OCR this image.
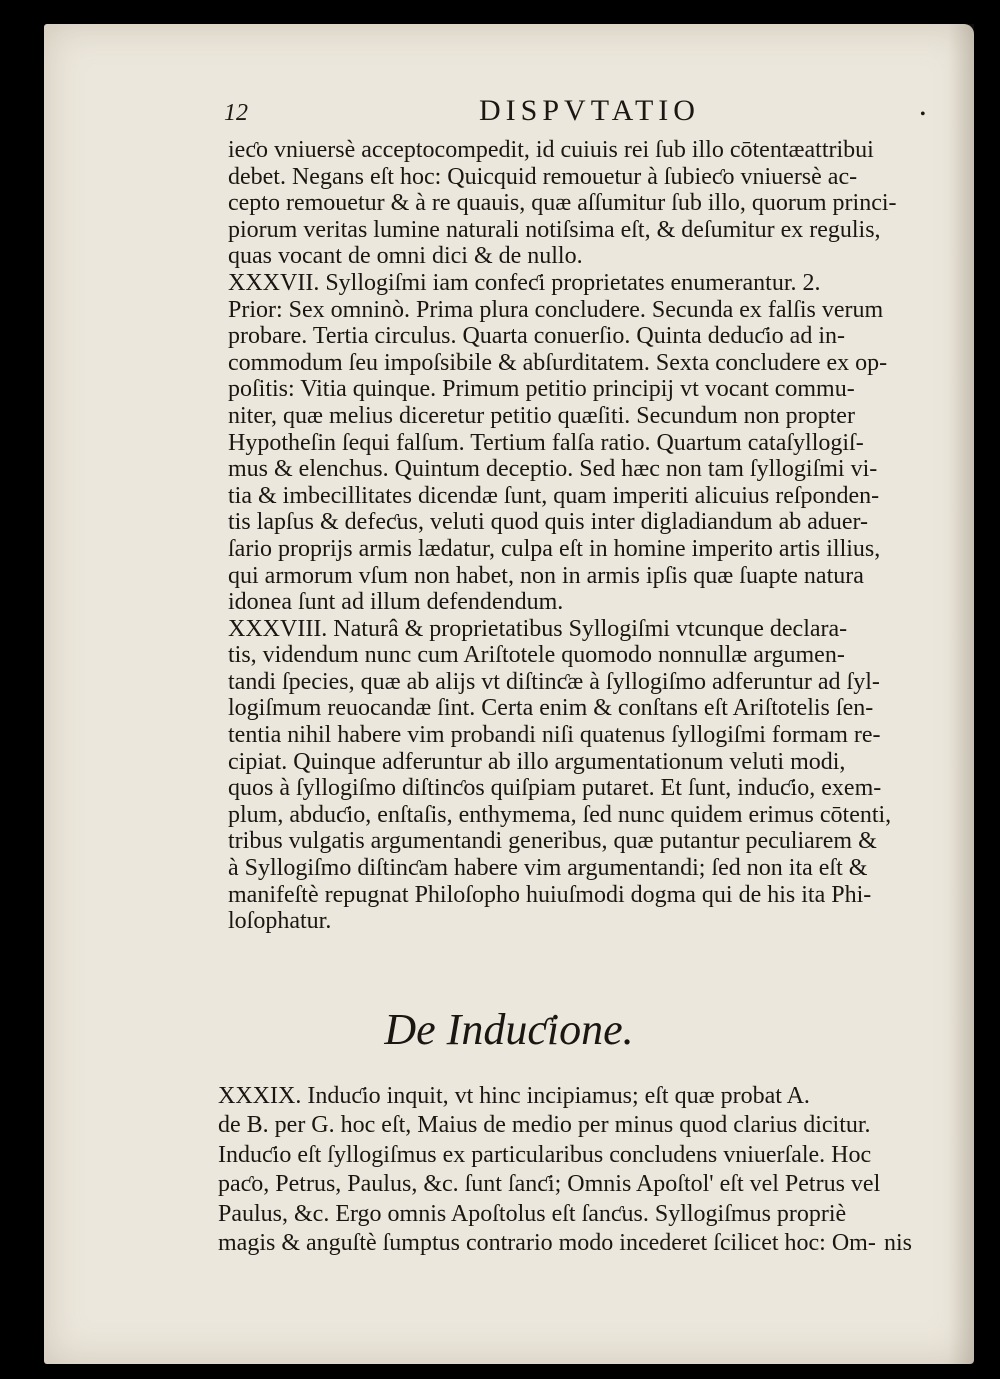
12	DISPVTATIO	•
ieƈo vniuersè acceptocompedit, id cuiuis rei ſub illo cōtentæattribui
debet. Negans eſt hoc: Quicquid remouetur à ſubieƈo vniuersè ac-
cepto remouetur & à re quauis, quæ aſſumitur ſub illo, quorum princi-
piorum veritas lumine naturali notiſsima eſt, & deſumitur ex regulis,
quas vocant de omni dici & de nullo.
XXXVII. Syllogiſmi iam confeƈi proprietates enumerantur. 2.
Prior: Sex omninò. Prima plura concludere. Secunda ex falſis verum
probare. Tertia circulus. Quarta conuerſio. Quinta deduƈio ad in-
commodum ſeu impoſsibile & abſurditatem. Sexta concludere ex op-
poſitis: Vitia quinque. Primum petitio principij vt vocant commu-
niter, quæ melius diceretur petitio quæſiti. Secundum non propter
Hypotheſin ſequi falſum. Tertium falſa ratio. Quartum cataſyllogiſ-
mus & elenchus. Quintum deceptio. Sed hæc non tam ſyllogiſmi vi-
tia & imbecillitates dicendæ ſunt, quam imperiti alicuius reſponden-
tis lapſus & defeƈus, veluti quod quis inter digladiandum ab aduer-
ſario proprijs armis lædatur, culpa eſt in homine imperito artis illius,
qui armorum vſum non habet, non in armis ipſis quæ ſuapte natura
idonea ſunt ad illum defendendum.
XXXVIII. Naturâ & proprietatibus Syllogiſmi vtcunque declara-
tis, videndum nunc cum Ariſtotele quomodo nonnullæ argumen-
tandi ſpecies, quæ ab alijs vt diſtinƈæ à ſyllogiſmo adferuntur ad ſyl-
logiſmum reuocandæ ſint. Certa enim & conſtans eſt Ariſtotelis ſen-
tentia nihil habere vim probandi niſi quatenus ſyllogiſmi formam re-
cipiat. Quinque adferuntur ab illo argumentationum veluti modi,
quos à ſyllogiſmo diſtinƈos quiſpiam putaret. Et ſunt, induƈio, exem-
plum, abduƈio, enſtaſis, enthymema, ſed nunc quidem erimus cōtenti,
tribus vulgatis argumentandi generibus, quæ putantur peculiarem &
à Syllogiſmo diſtinƈam habere vim argumentandi; ſed non ita eſt &
manifeſtè repugnat Philoſopho huiuſmodi dogma qui de his ita Phi-
loſophatur.
De Induƈione.
XXXIX. Induƈio inquit, vt hinc incipiamus; eſt quæ probat A.
de B. per G. hoc eſt, Maius de medio per minus quod clarius dicitur.
Induƈio eſt ſyllogiſmus ex particularibus concludens vniuerſale. Hoc
paƈo, Petrus, Paulus, &c. ſunt ſanƈi; Omnis Apoſtol' eſt vel Petrus vel
Paulus, &c. Ergo omnis Apoſtolus eſt ſanƈus. Syllogiſmus propriè
magis & anguſtè ſumptus contrario modo incederet ſcilicet hoc: Om- nis
